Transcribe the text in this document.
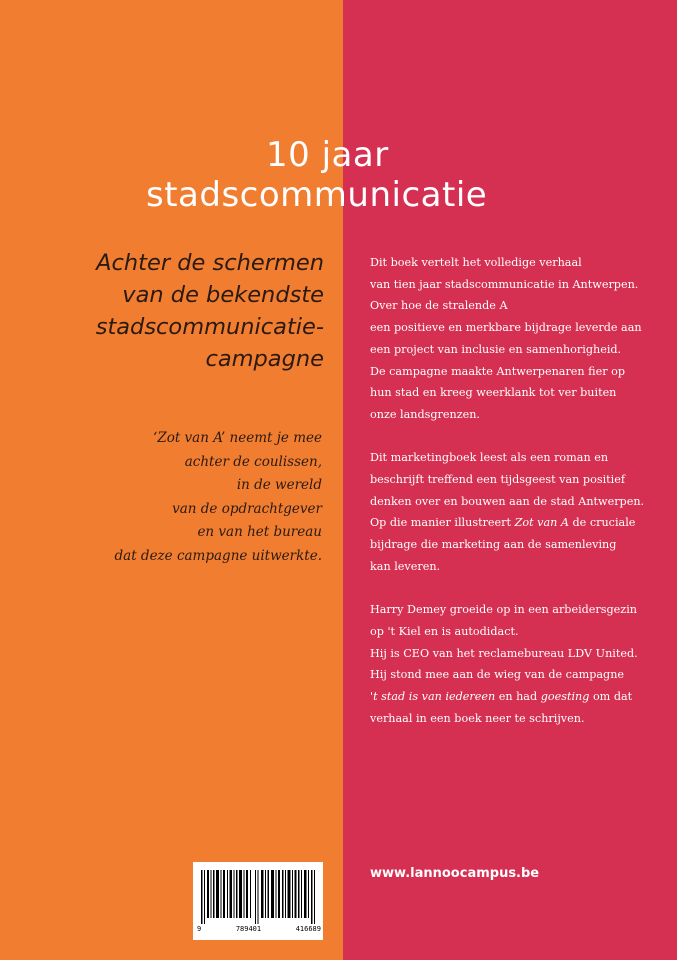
10 jaar
stadscommunicatie
Achter de schermen
van de bekendste
stadscommunicatie-
campagne
‘Zot van A’ neemt je mee
achter de coulissen,
in de wereld
van de opdrachtgever
en van het bureau
dat deze campagne uitwerkte.
Dit boek vertelt het volledige verhaal
van tien jaar stadscommunicatie in Antwerpen.
Over hoe de stralende A
een positieve en merkbare bijdrage leverde aan
een project van inclusie en samenhorigheid.
De campagne maakte Antwerpenaren fier op
hun stad en kreeg weerklank tot ver buiten
onze landsgrenzen.
Dit marketingboek leest als een roman en
beschrijft treffend een tijdsgeest van positief
denken over en bouwen aan de stad Antwerpen.
Op die manier illustreert Zot van A de cruciale
bijdrage die marketing aan de samenleving
kan leveren.
Harry Demey groeide op in een arbeidersgezin
op 't Kiel en is autodidact.
Hij is CEO van het reclamebureau LDV United.
Hij stond mee aan de wieg van de campagne
't stad is van iedereen en had goesting om dat
verhaal in een boek neer te schrijven.
www.lannoocampus.be
9	789401	416689
